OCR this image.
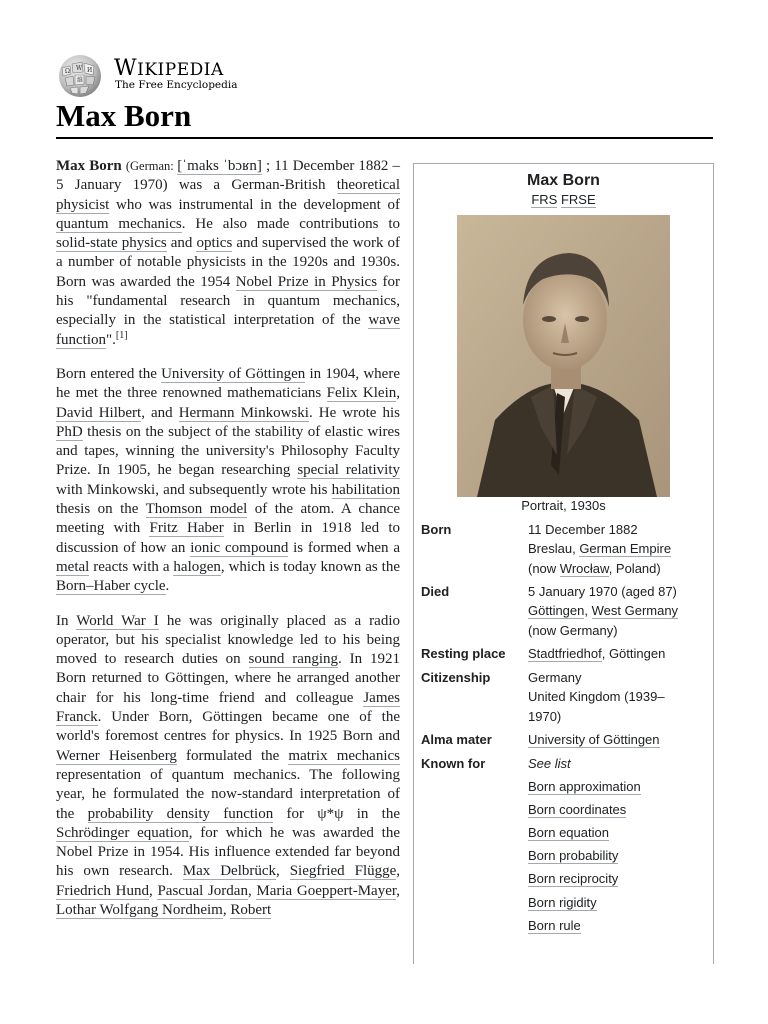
Ω W И
維 WIKIPEDIA
The Free Encyclopedia
Max Born

Max Born (German: [ˈmaks ˈbɔʁn] ; 11 December 1882 – 5 January 1970) was a German-British theoretical physicist who was instrumental in the development of quantum mechanics. He also made contributions to solid-state physics and optics and supervised the work of a number of notable physicists in the 1920s and 1930s. Born was awarded the 1954 Nobel Prize in Physics for his "fundamental research in quantum mechanics, especially in the statistical interpretation of the wave function".[1]

Born entered the University of Göttingen in 1904, where he met the three renowned mathematicians Felix Klein, David Hilbert, and Hermann Minkowski. He wrote his PhD thesis on the subject of the stability of elastic wires and tapes, winning the university's Philosophy Faculty Prize. In 1905, he began researching special relativity with Minkowski, and subsequently wrote his habilitation thesis on the Thomson model of the atom. A chance meeting with Fritz Haber in Berlin in 1918 led to discussion of how an ionic compound is formed when a metal reacts with a halogen, which is today known as the Born–Haber cycle.

In World War I he was originally placed as a radio operator, but his specialist knowledge led to his being moved to research duties on sound ranging. In 1921 Born returned to Göttingen, where he arranged another chair for his long-time friend and colleague James Franck. Under Born, Göttingen became one of the world's foremost centres for physics. In 1925 Born and Werner Heisenberg formulated the matrix mechanics representation of quantum mechanics. The following year, he formulated the now-standard interpretation of the probability density function for ψ*ψ in the Schrödinger equation, for which he was awarded the Nobel Prize in 1954. His influence extended far beyond his own research. Max Delbrück, Siegfried Flügge, Friedrich Hund, Pascual Jordan, Maria Goeppert-Mayer, Lothar Wolfgang Nordheim, Robert

Max Born
FRS FRSE
Portrait, 1930s
Born	11 December 1882
Breslau, German Empire
(now Wrocław, Poland)
Died	5 January 1970 (aged 87)
Göttingen, West Germany
(now Germany)
Resting place Stadtfriedhof, Göttingen
Citizenship	Germany
United Kingdom (1939–1970)
Alma mater	University of Göttingen
Known for	See list
Born approximation
Born coordinates
Born equation
Born probability
Born reciprocity
Born rigidity
Born rule
